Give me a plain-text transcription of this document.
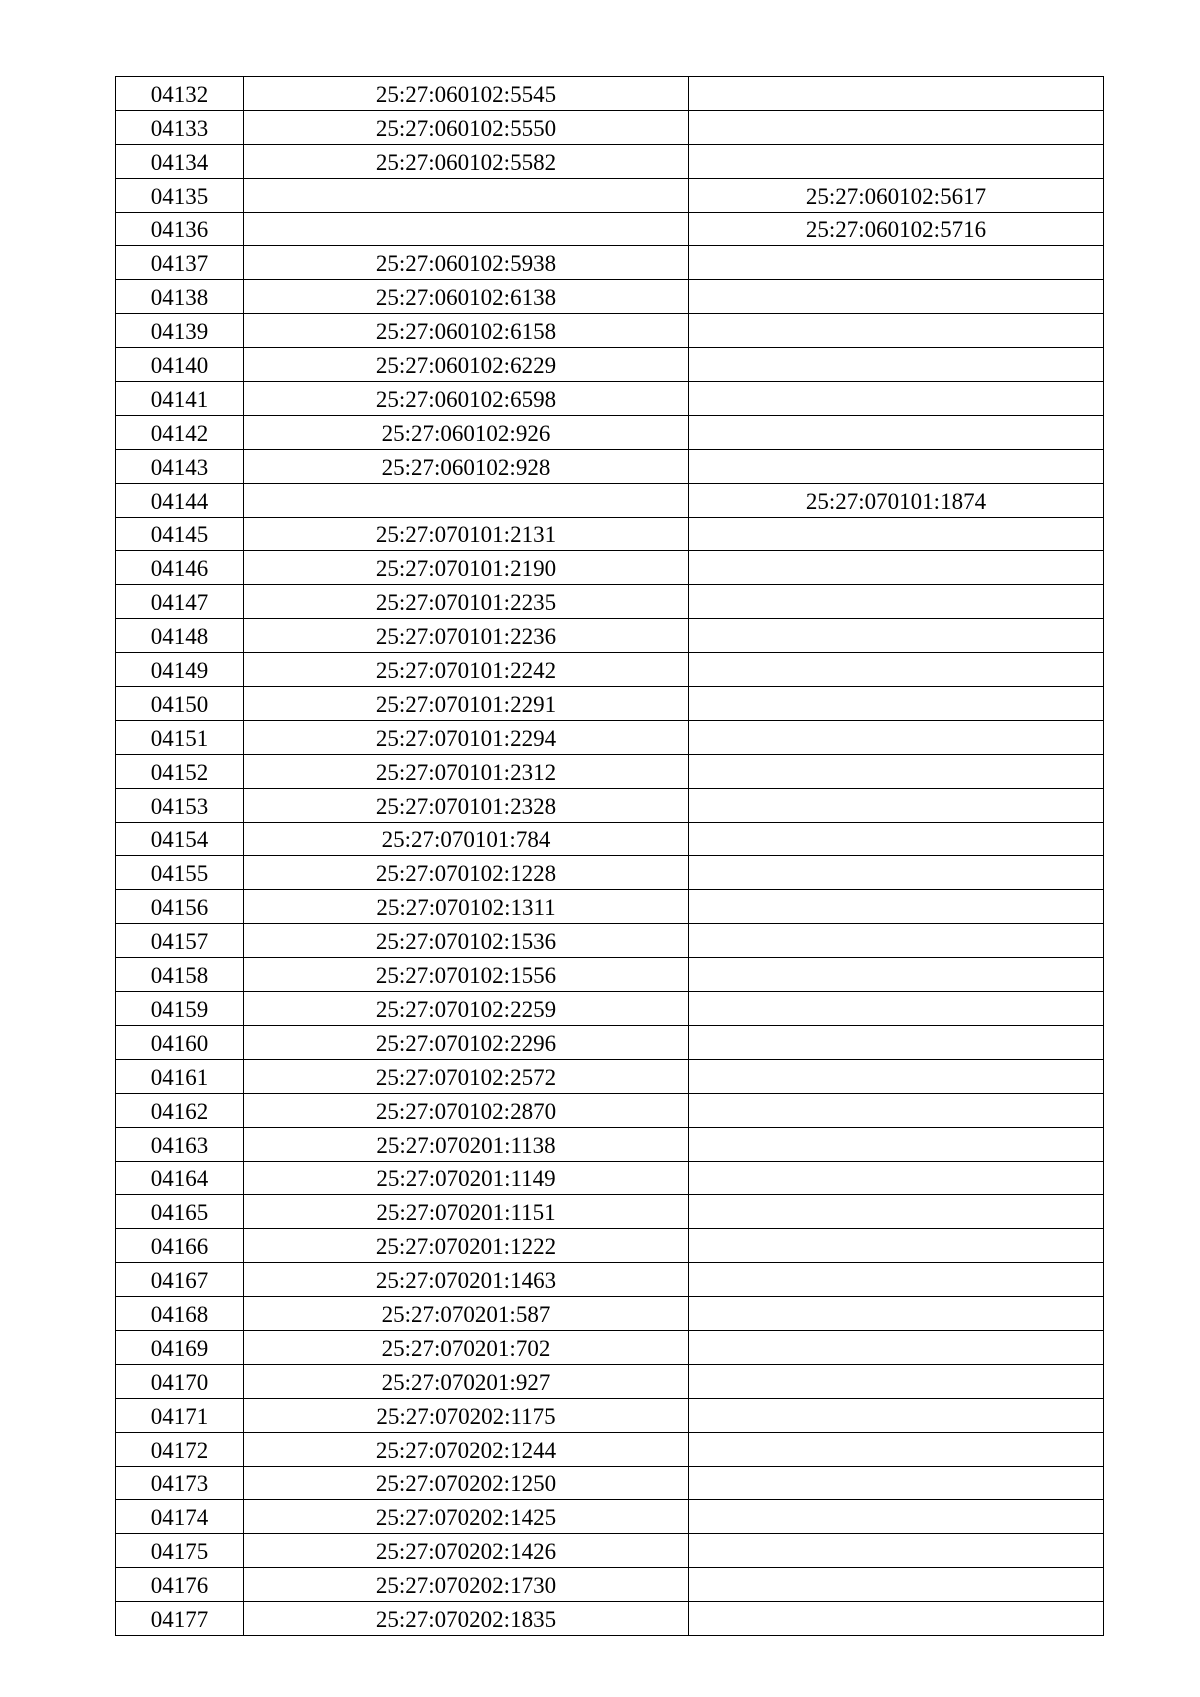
04132	25:27:060102:5545	
04133	25:27:060102:5550	
04134	25:27:060102:5582	
04135		25:27:060102:5617
04136		25:27:060102:5716
04137	25:27:060102:5938	
04138	25:27:060102:6138	
04139	25:27:060102:6158	
04140	25:27:060102:6229	
04141	25:27:060102:6598	
04142	25:27:060102:926	
04143	25:27:060102:928	
04144		25:27:070101:1874
04145	25:27:070101:2131	
04146	25:27:070101:2190	
04147	25:27:070101:2235	
04148	25:27:070101:2236	
04149	25:27:070101:2242	
04150	25:27:070101:2291	
04151	25:27:070101:2294	
04152	25:27:070101:2312	
04153	25:27:070101:2328	
04154	25:27:070101:784	
04155	25:27:070102:1228	
04156	25:27:070102:1311	
04157	25:27:070102:1536	
04158	25:27:070102:1556	
04159	25:27:070102:2259	
04160	25:27:070102:2296	
04161	25:27:070102:2572	
04162	25:27:070102:2870	
04163	25:27:070201:1138	
04164	25:27:070201:1149	
04165	25:27:070201:1151	
04166	25:27:070201:1222	
04167	25:27:070201:1463	
04168	25:27:070201:587	
04169	25:27:070201:702	
04170	25:27:070201:927	
04171	25:27:070202:1175	
04172	25:27:070202:1244	
04173	25:27:070202:1250	
04174	25:27:070202:1425	
04175	25:27:070202:1426	
04176	25:27:070202:1730	
04177	25:27:070202:1835	
